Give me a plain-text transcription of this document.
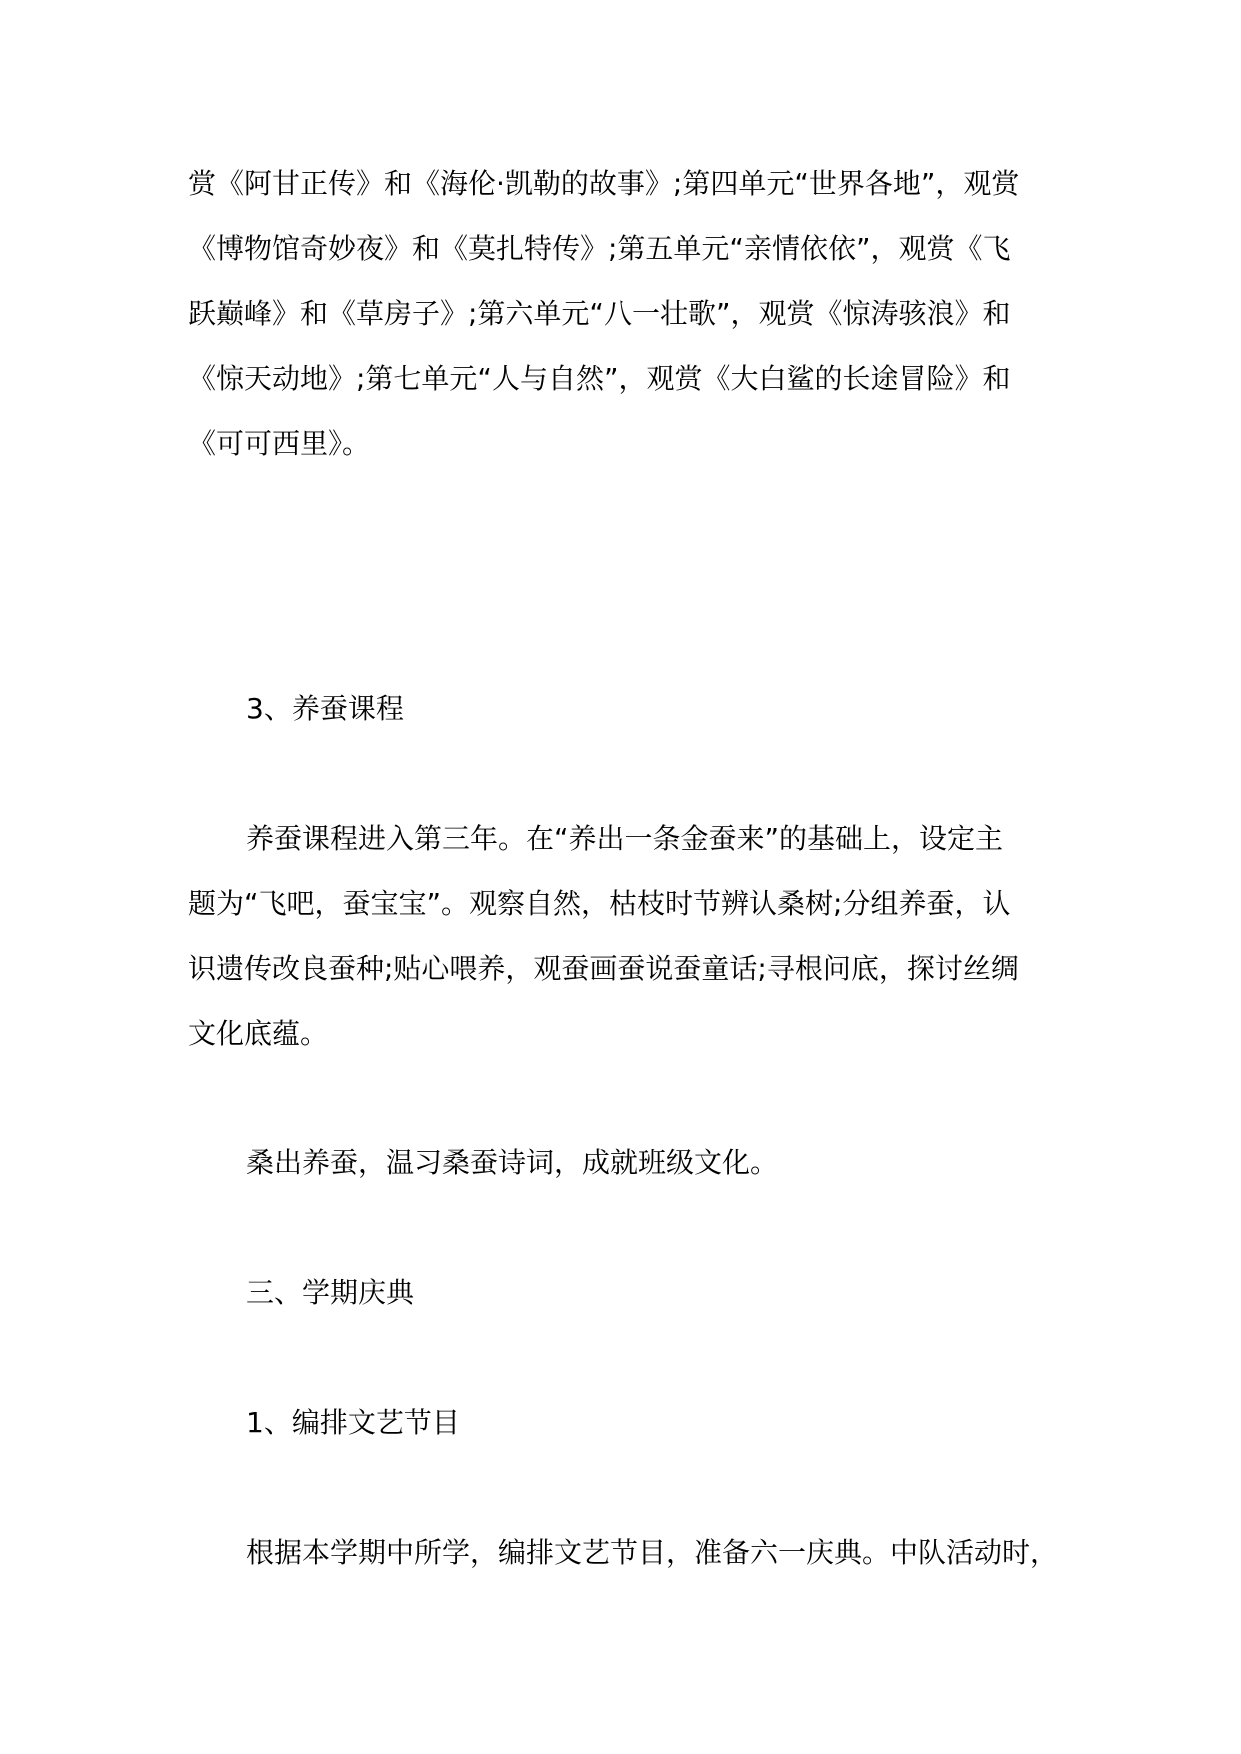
赏《阿甘正传》和《海伦·凯勒的故事》;第四单元“世界各地”，观赏
《博物馆奇妙夜》和《莫扎特传》;第五单元“亲情依依”，观赏《飞
跃巅峰》和《草房子》;第六单元“八一壮歌”，观赏《惊涛骇浪》和
《惊天动地》;第七单元“人与自然”，观赏《大白鲨的长途冒险》和
《可可西里》。
3、养蚕课程
养蚕课程进入第三年。在“养出一条金蚕来”的基础上，设定主
题为“飞吧，蚕宝宝”。观察自然，枯枝时节辨认桑树;分组养蚕，认
识遗传改良蚕种;贴心喂养，观蚕画蚕说蚕童话;寻根问底，探讨丝绸
文化底蕴。
桑出养蚕，温习桑蚕诗词，成就班级文化。
三、学期庆典
1、编排文艺节目
根据本学期中所学，编排文艺节目，准备六一庆典。中队活动时，
